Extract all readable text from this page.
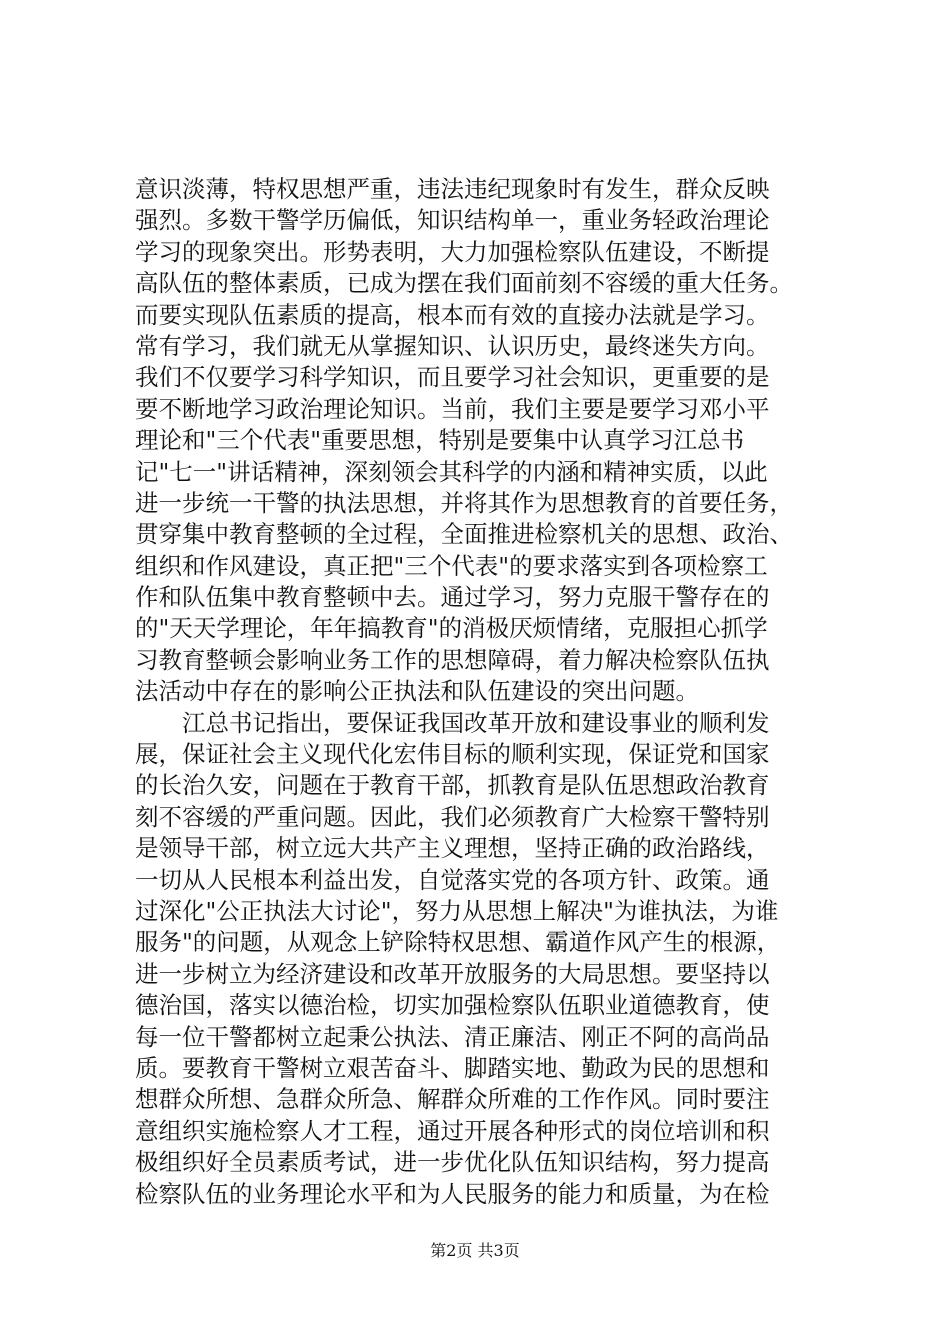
意识淡薄，特权思想严重，违法违纪现象时有发生，群众反映
强烈。多数干警学历偏低，知识结构单一，重业务轻政治理论
学习的现象突出。形势表明，大力加强检察队伍建设，不断提
高队伍的整体素质，已成为摆在我们面前刻不容缓的重大任务。
而要实现队伍素质的提高，根本而有效的直接办法就是学习。
常有学习，我们就无从掌握知识、认识历史，最终迷失方向。
我们不仅要学习科学知识，而且要学习社会知识，更重要的是
要不断地学习政治理论知识。当前，我们主要是要学习邓小平
理论和"三个代表"重要思想，特别是要集中认真学习江总书
记"七一"讲话精神，深刻领会其科学的内涵和精神实质，以此
进一步统一干警的执法思想，并将其作为思想教育的首要任务，
贯穿集中教育整顿的全过程，全面推进检察机关的思想、政治、
组织和作风建设，真正把"三个代表"的要求落实到各项检察工
作和队伍集中教育整顿中去。通过学习，努力克服干警存在的
的"天天学理论，年年搞教育"的消极厌烦情绪，克服担心抓学
习教育整顿会影响业务工作的思想障碍，着力解决检察队伍执
法活动中存在的影响公正执法和队伍建设的突出问题。
　　江总书记指出，要保证我国改革开放和建设事业的顺利发
展，保证社会主义现代化宏伟目标的顺利实现，保证党和国家
的长治久安，问题在于教育干部，抓教育是队伍思想政治教育
刻不容缓的严重问题。因此，我们必须教育广大检察干警特别
是领导干部，树立远大共产主义理想，坚持正确的政治路线，
一切从人民根本利益出发，自觉落实党的各项方针、政策。通
过深化"公正执法大讨论"，努力从思想上解决"为谁执法，为谁
服务"的问题，从观念上铲除特权思想、霸道作风产生的根源，
进一步树立为经济建设和改革开放服务的大局思想。要坚持以
德治国，落实以德治检，切实加强检察队伍职业道德教育，使
每一位干警都树立起秉公执法、清正廉洁、刚正不阿的高尚品
质。要教育干警树立艰苦奋斗、脚踏实地、勤政为民的思想和
想群众所想、急群众所急、解群众所难的工作作风。同时要注
意组织实施检察人才工程，通过开展各种形式的岗位培训和积
极组织好全员素质考试，进一步优化队伍知识结构，努力提高
检察队伍的业务理论水平和为人民服务的能力和质量，为在检
第2页 共3页
